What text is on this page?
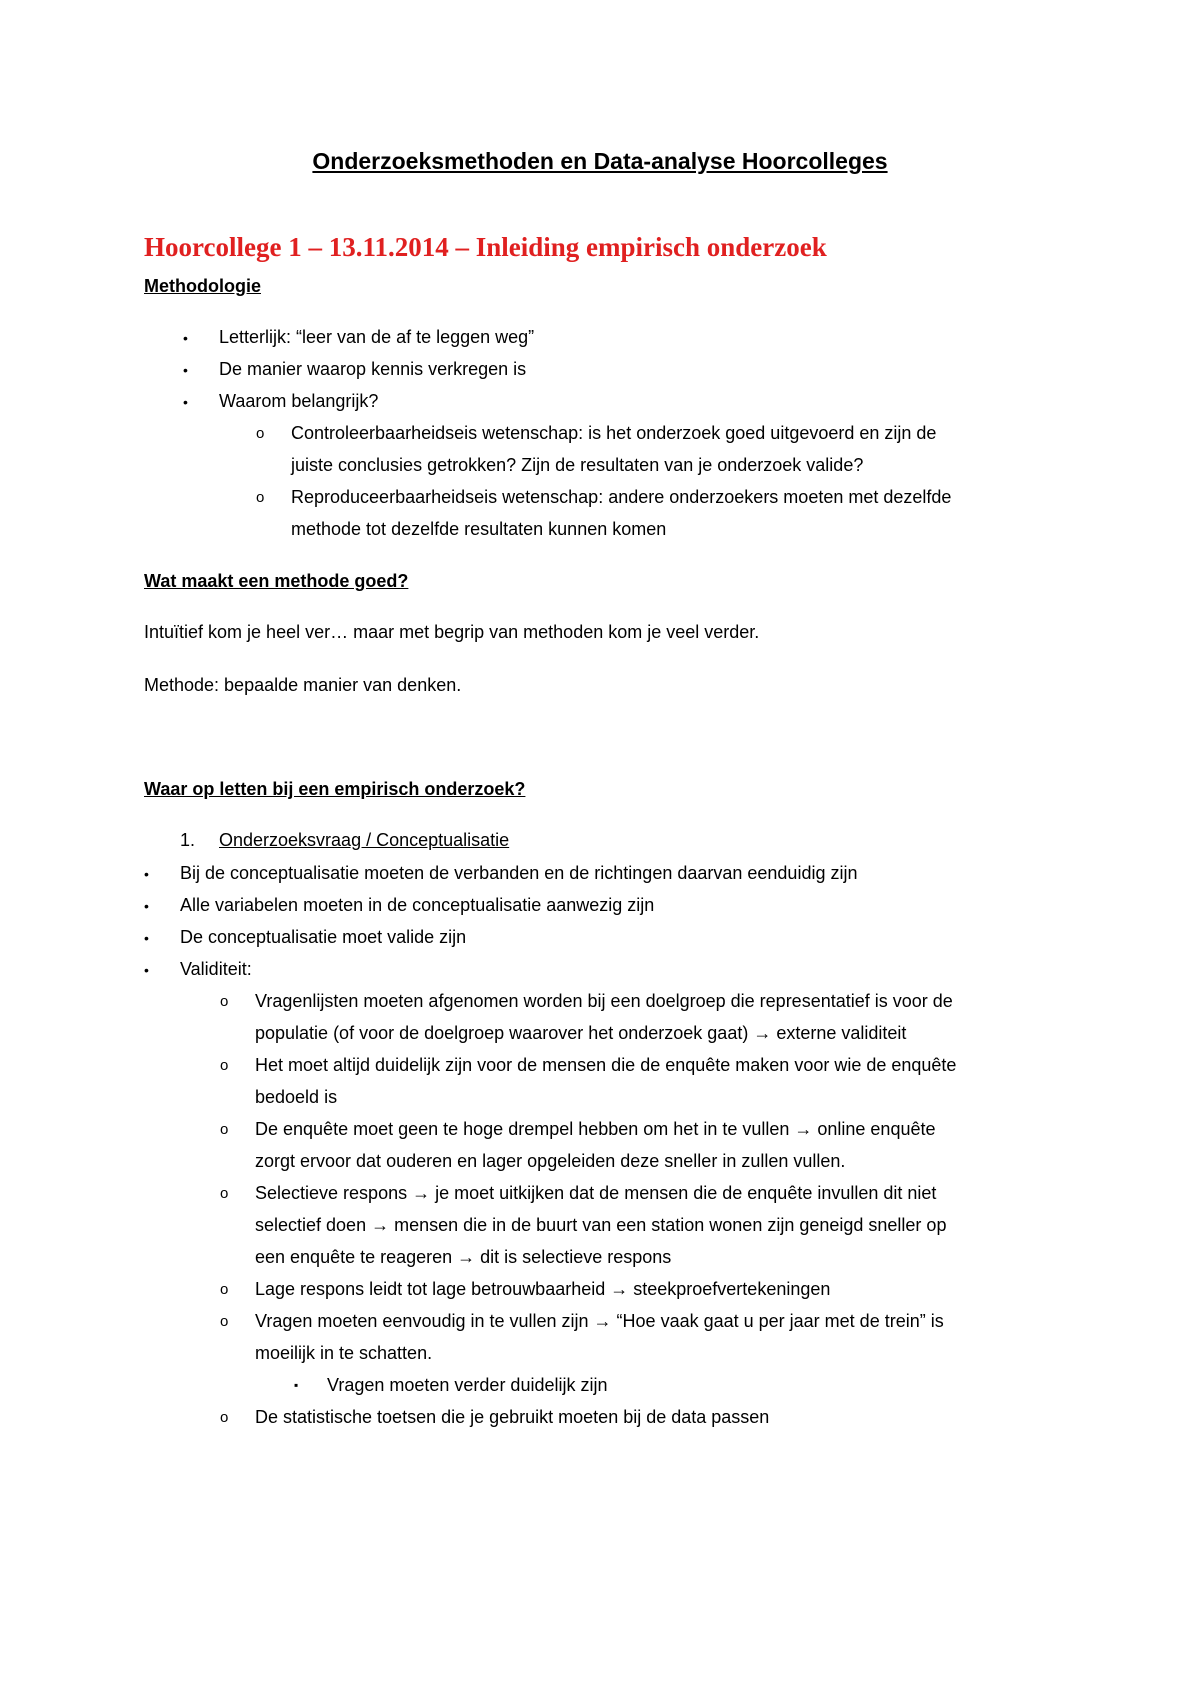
Onderzoeksmethoden en Data-analyse Hoorcolleges
Hoorcollege 1 – 13.11.2014 – Inleiding empirisch onderzoek
Methodologie
• Letterlijk: “leer van de af te leggen weg”
• De manier waarop kennis verkregen is
• Waarom belangrijk?
o Controleerbaarheidseis wetenschap: is het onderzoek goed uitgevoerd en zijn de
juiste conclusies getrokken? Zijn de resultaten van je onderzoek valide?
o Reproduceerbaarheidseis wetenschap: andere onderzoekers moeten met dezelfde
methode tot dezelfde resultaten kunnen komen
Wat maakt een methode goed?
Intuïtief kom je heel ver… maar met begrip van methoden kom je veel verder.
Methode: bepaalde manier van denken.
Waar op letten bij een empirisch onderzoek?
1. Onderzoeksvraag / Conceptualisatie
• Bij de conceptualisatie moeten de verbanden en de richtingen daarvan eenduidig zijn
• Alle variabelen moeten in de conceptualisatie aanwezig zijn
• De conceptualisatie moet valide zijn
• Validiteit:
o Vragenlijsten moeten afgenomen worden bij een doelgroep die representatief is voor de
populatie (of voor de doelgroep waarover het onderzoek gaat) → externe validiteit
o Het moet altijd duidelijk zijn voor de mensen die de enquête maken voor wie de enquête
bedoeld is
o De enquête moet geen te hoge drempel hebben om het in te vullen → online enquête
zorgt ervoor dat ouderen en lager opgeleiden deze sneller in zullen vullen.
o Selectieve respons → je moet uitkijken dat de mensen die de enquête invullen dit niet
selectief doen → mensen die in de buurt van een station wonen zijn geneigd sneller op
een enquête te reageren → dit is selectieve respons
o Lage respons leidt tot lage betrouwbaarheid → steekproefvertekeningen
o Vragen moeten eenvoudig in te vullen zijn → “Hoe vaak gaat u per jaar met de trein” is
moeilijk in te schatten.
▪ Vragen moeten verder duidelijk zijn
o De statistische toetsen die je gebruikt moeten bij de data passen
